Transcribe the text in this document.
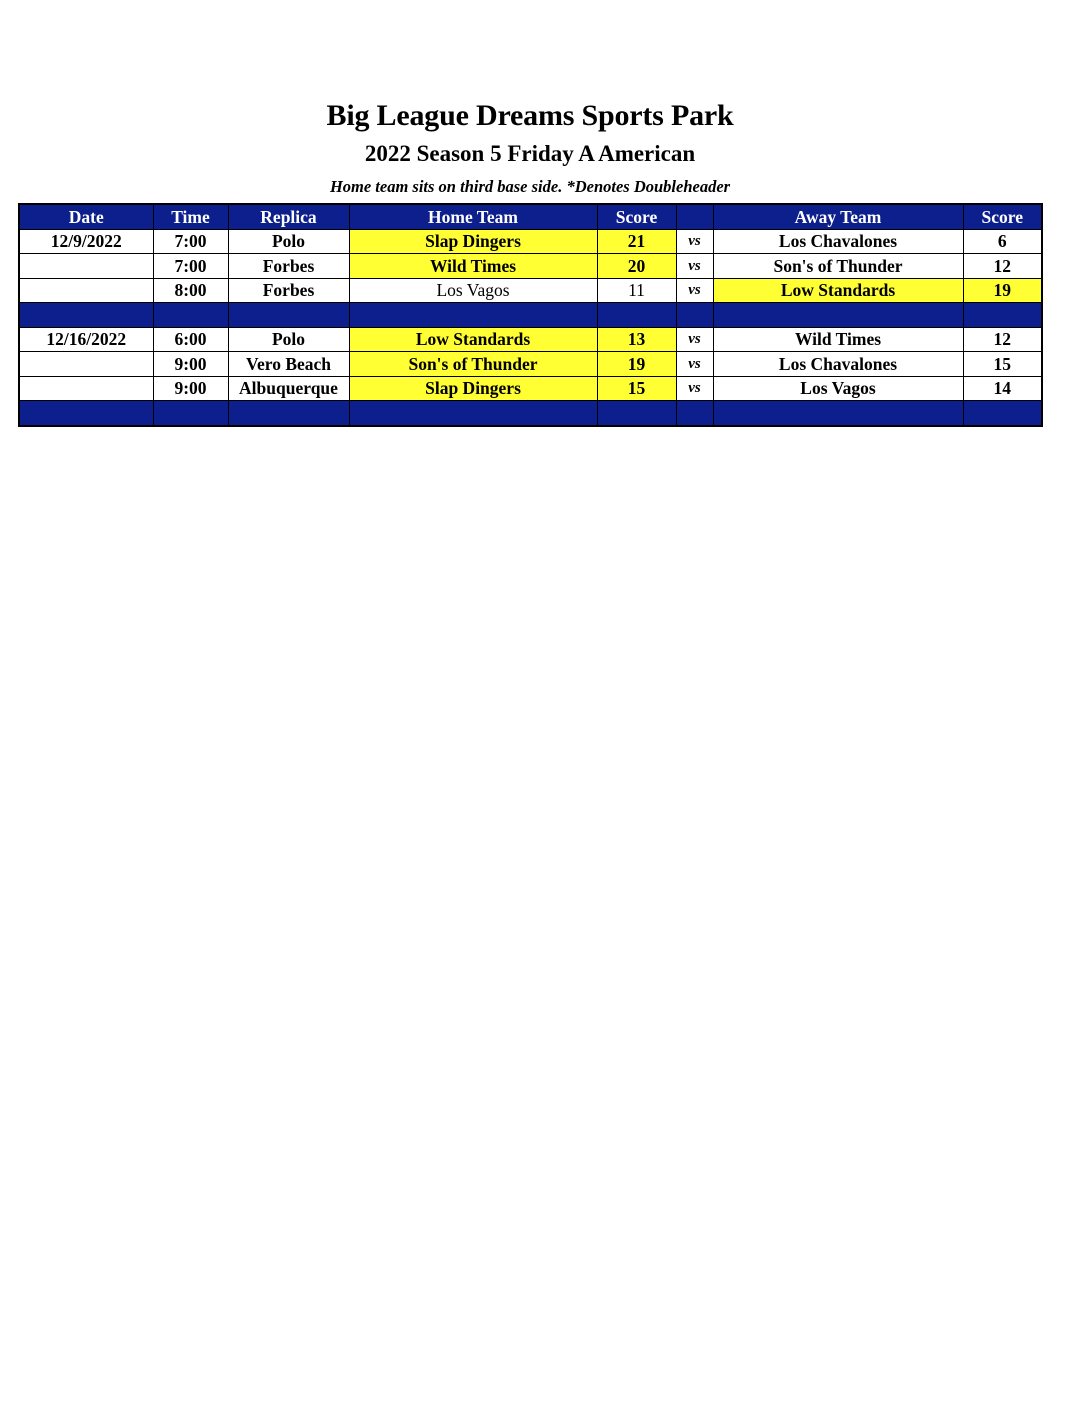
Big League Dreams Sports Park
2022 Season 5 Friday A American
Home team sits on third base side. *Denotes Doubleheader
Date	Time	Replica	Home Team	Score		Away Team	Score
12/9/2022	7:00	Polo	Slap Dingers	21	vs	Los Chavalones	6
	7:00	Forbes	Wild Times	20	vs	Son's of Thunder	12
	8:00	Forbes	Los Vagos	11	vs	Low Standards	19

12/16/2022	6:00	Polo	Low Standards	13	vs	Wild Times	12
	9:00	Vero Beach	Son's of Thunder	19	vs	Los Chavalones	15
	9:00	Albuquerque	Slap Dingers	15	vs	Los Vagos	14
